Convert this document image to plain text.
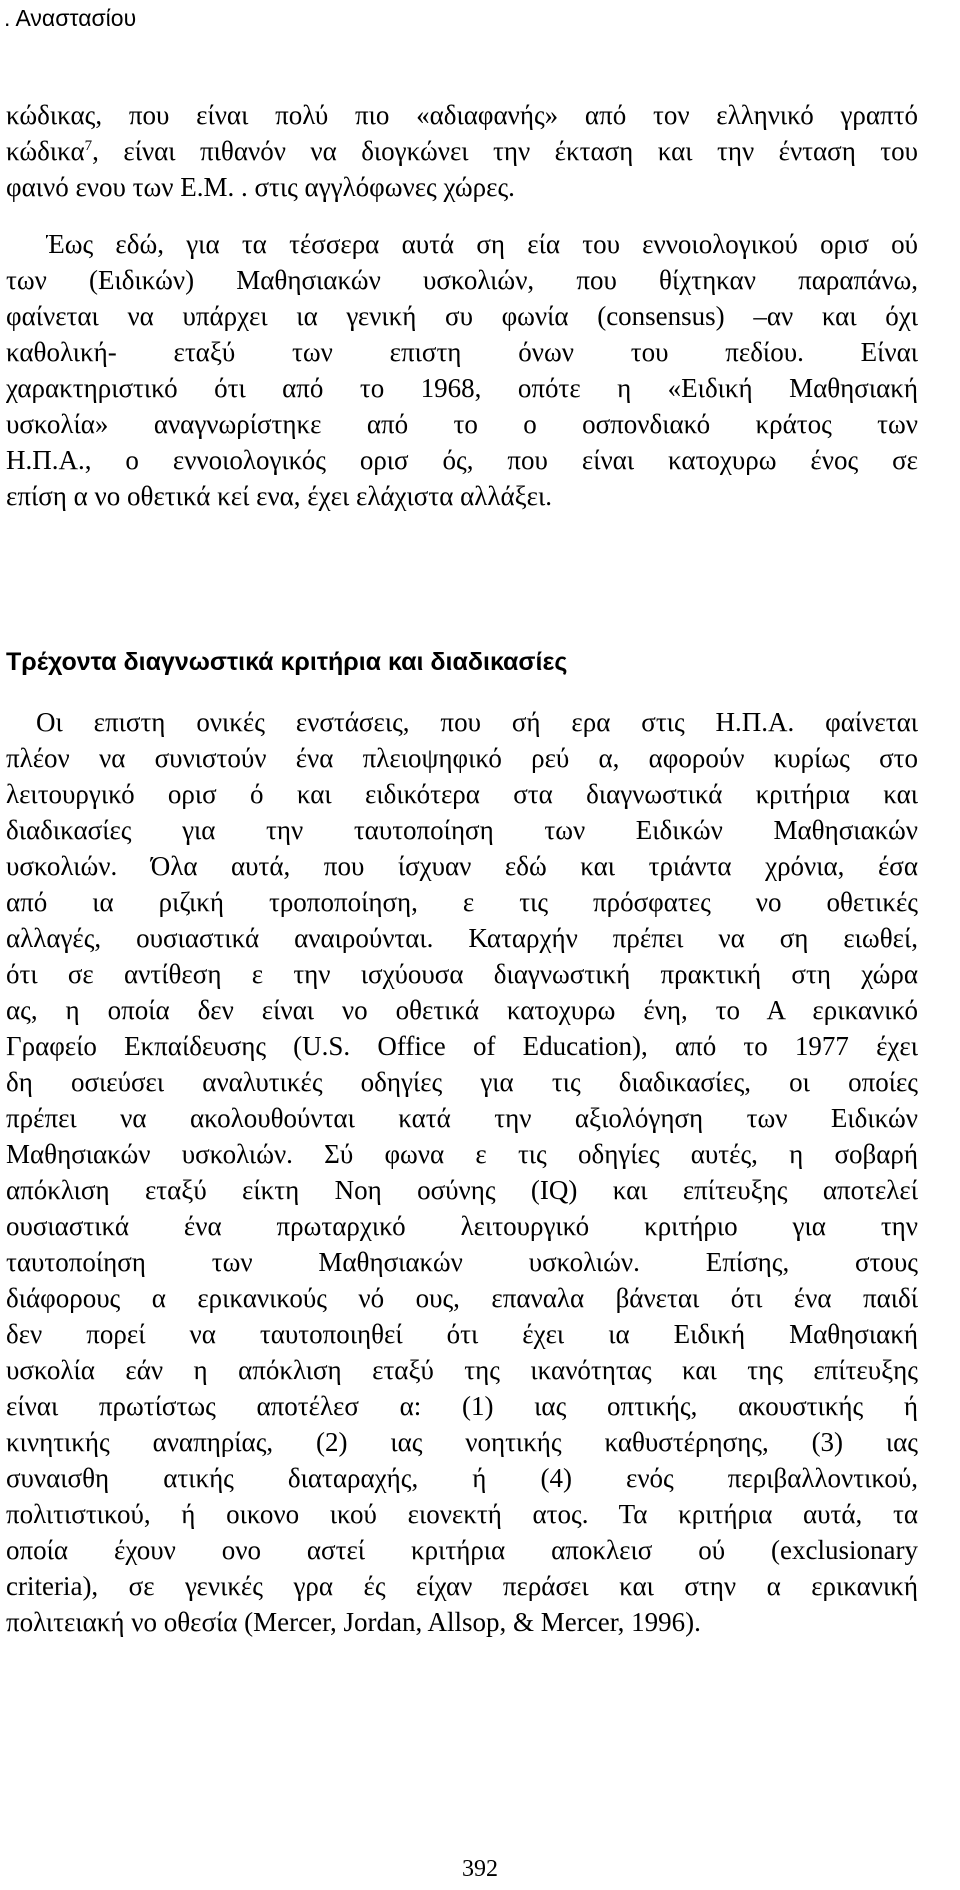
. Αναστασίου
κώδικας, που είναι πολύ πιο «αδιαφανής» από τον ελληνικό γραπτό
κώδικα$^7$, είναι πιθανόν να διογκώνει την έκταση και την ένταση του
φαινό ενου των Ε.Μ. . στις αγγλόφωνες χώρες.
Έως εδώ, για τα τέσσερα αυτά ση εία του εννοιολογικού ορισ ού
των (Ειδικών) Μαθησιακών υσκολιών, που θίχτηκαν παραπάνω,
φαίνεται να υπάρχει ια γενική συ φωνία (consensus) –αν και όχι
καθολική- εταξύ των επιστη όνων του πεδίου. Είναι
χαρακτηριστικό ότι από το 1968, οπότε η «Ειδική Μαθησιακή
υσκολία» αναγνωρίστηκε από το ο οσπονδιακό κράτος των
Η.Π.Α., ο εννοιολογικός ορισ ός, που είναι κατοχυρω ένος σε
επίση α νο οθετικά κεί ενα, έχει ελάχιστα αλλάξει.
Τρέχοντα διαγνωστικά κριτήρια και διαδικασίες
Οι επιστη ονικές ενστάσεις, που σή ερα στις Η.Π.Α. φαίνεται
πλέον να συνιστούν ένα πλειοψηφικό ρεύ α, αφορούν κυρίως στο
λειτουργικό ορισ ό και ειδικότερα στα διαγνωστικά κριτήρια και
διαδικασίες για την ταυτοποίηση των Ειδικών Μαθησιακών
υσκολιών. Όλα αυτά, που ίσχυαν εδώ και τριάντα χρόνια, έσα
από ια ριζική τροποποίηση, ε τις πρόσφατες νο οθετικές
αλλαγές, ουσιαστικά αναιρούνται. Καταρχήν πρέπει να ση ειωθεί,
ότι σε αντίθεση ε την ισχύουσα διαγνωστική πρακτική στη χώρα
ας, η οποία δεν είναι νο οθετικά κατοχυρω ένη, το Α ερικανικό
Γραφείο Εκπαίδευσης (U.S. Office of Education), από το 1977 έχει
δη οσιεύσει αναλυτικές οδηγίες για τις διαδικασίες, οι οποίες
πρέπει να ακολουθούνται κατά την αξιολόγηση των Ειδικών
Μαθησιακών υσκολιών. Σύ φωνα ε τις οδηγίες αυτές, η σοβαρή
απόκλιση εταξύ είκτη Νοη οσύνης (IQ) και επίτευξης αποτελεί
ουσιαστικά ένα πρωταρχικό λειτουργικό κριτήριο για την
ταυτοποίηση των Μαθησιακών υσκολιών. Επίσης, στους
διάφορους α ερικανικούς νό ους, επαναλα βάνεται ότι ένα παιδί
δεν πορεί να ταυτοποιηθεί ότι έχει ια Ειδική Μαθησιακή
υσκολία εάν η απόκλιση εταξύ της ικανότητας και της επίτευξης
είναι πρωτίστως αποτέλεσ α: (1) ιας οπτικής, ακουστικής ή
κινητικής αναπηρίας, (2) ιας νοητικής καθυστέρησης, (3) ιας
συναισθη ατικής διαταραχής, ή (4) ενός περιβαλλοντικού,
πολιτιστικού, ή οικονο ικού ειονεκτή ατος. Τα κριτήρια αυτά, τα
οποία έχουν ονο αστεί κριτήρια αποκλεισ ού (exclusionary
criteria), σε γενικές γρα ές είχαν περάσει και στην α ερικανική
πολιτειακή νο οθεσία (Mercer, Jordan, Allsop, & Mercer, 1996).
392
